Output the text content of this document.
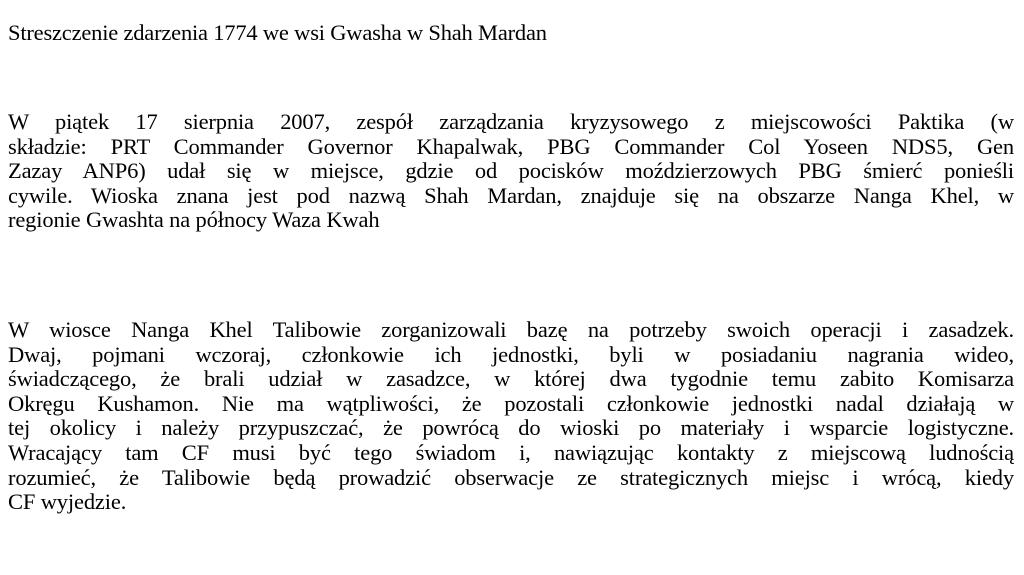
Streszczenie zdarzenia 1774 we wsi Gwasha w Shah Mardan
W piątek 17 sierpnia 2007, zespół zarządzania kryzysowego z miejscowości Paktika (w
składzie: PRT Commander Governor Khapalwak, PBG Commander Col Yoseen NDS5, Gen
Zazay ANP6) udał się w miejsce, gdzie od pocisków moździerzowych PBG śmierć ponieśli
cywile. Wioska znana jest pod nazwą Shah Mardan, znajduje się na obszarze Nanga Khel, w
regionie Gwashta na północy Waza Kwah
W wiosce Nanga Khel Talibowie zorganizowali bazę na potrzeby swoich operacji i zasadzek.
Dwaj, pojmani wczoraj, członkowie ich jednostki, byli w posiadaniu nagrania wideo,
świadczącego, że brali udział w zasadzce, w której dwa tygodnie temu zabito Komisarza
Okręgu Kushamon. Nie ma wątpliwości, że pozostali członkowie jednostki nadal działają w
tej okolicy i należy przypuszczać, że powrócą do wioski po materiały i wsparcie logistyczne.
Wracający tam CF musi być tego świadom i, nawiązując kontakty z miejscową ludnością
rozumieć, że Talibowie będą prowadzić obserwacje ze strategicznych miejsc i wrócą, kiedy
CF wyjedzie.
